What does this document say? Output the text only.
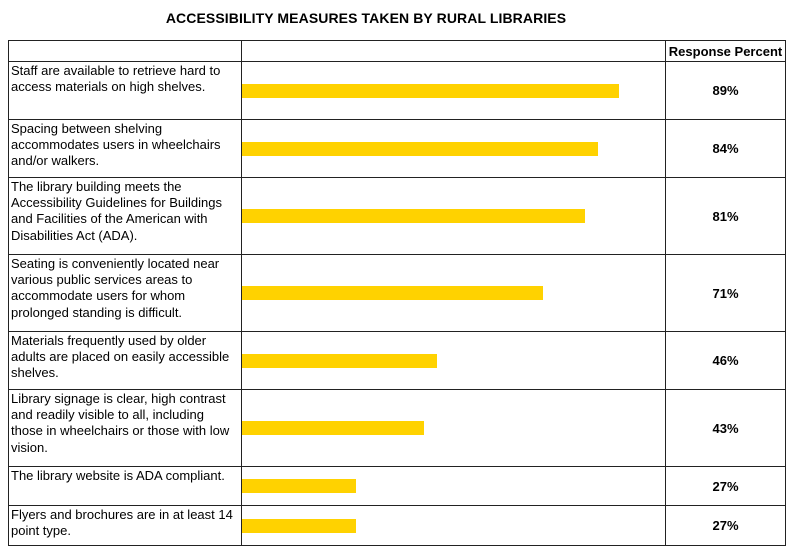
ACCESSIBILITY MEASURES TAKEN BY RURAL LIBRARIES
		Response Percent
Staff are available to retrieve hard to access materials on high shelves.		89%
Spacing between shelving accommodates users in wheelchairs and/or walkers.		84%
The library building meets the Accessibility Guidelines for Buildings and Facilities of the American with Disabilities Act (ADA).		81%
Seating is conveniently located near various public services areas to accommodate users for whom prolonged standing is difficult.		71%
Materials frequently used by older adults are placed on easily accessible shelves.		46%
Library signage is clear, high contrast and readily visible to all, including those in wheelchairs or those with low vision.		43%
The library website is ADA compliant.		27%
Flyers and brochures are in at least 14 point type.		27%
